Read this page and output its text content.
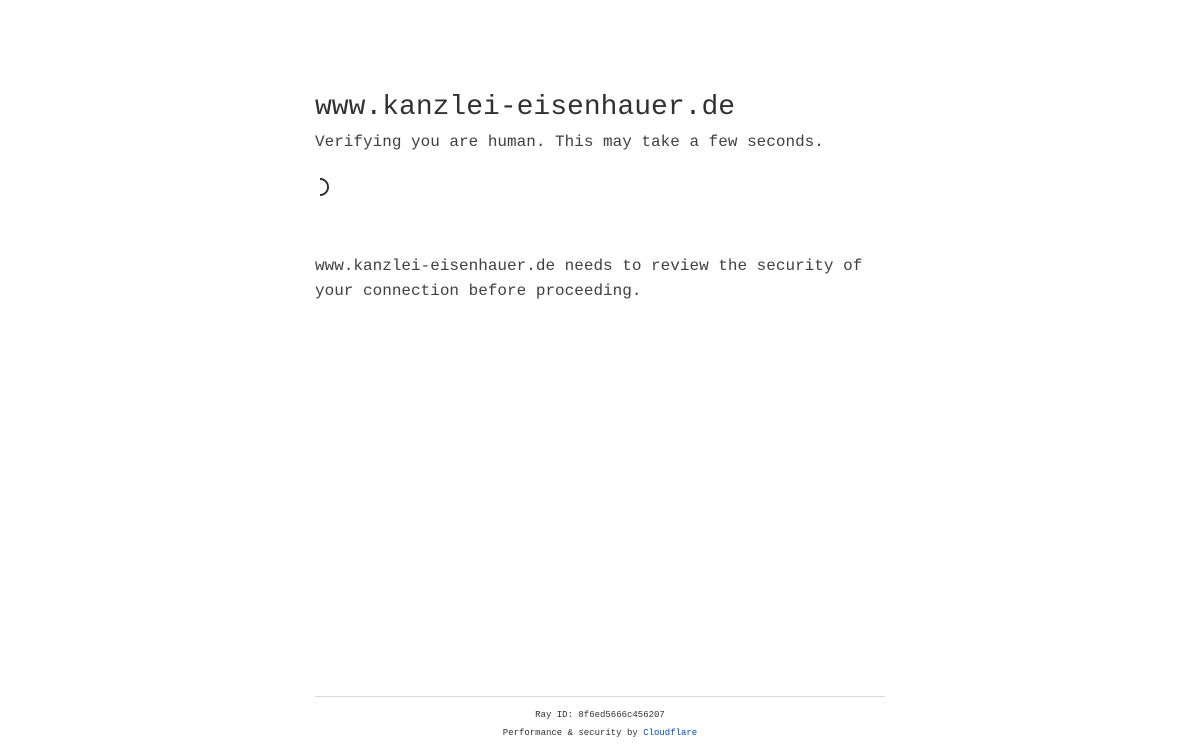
www.kanzlei-eisenhauer.de

Verifying you are human. This may take a few seconds.

www.kanzlei-eisenhauer.de needs to review the security of your connection before proceeding.
Ray ID: 8f6ed5666c456207
Performance & security by Cloudflare
